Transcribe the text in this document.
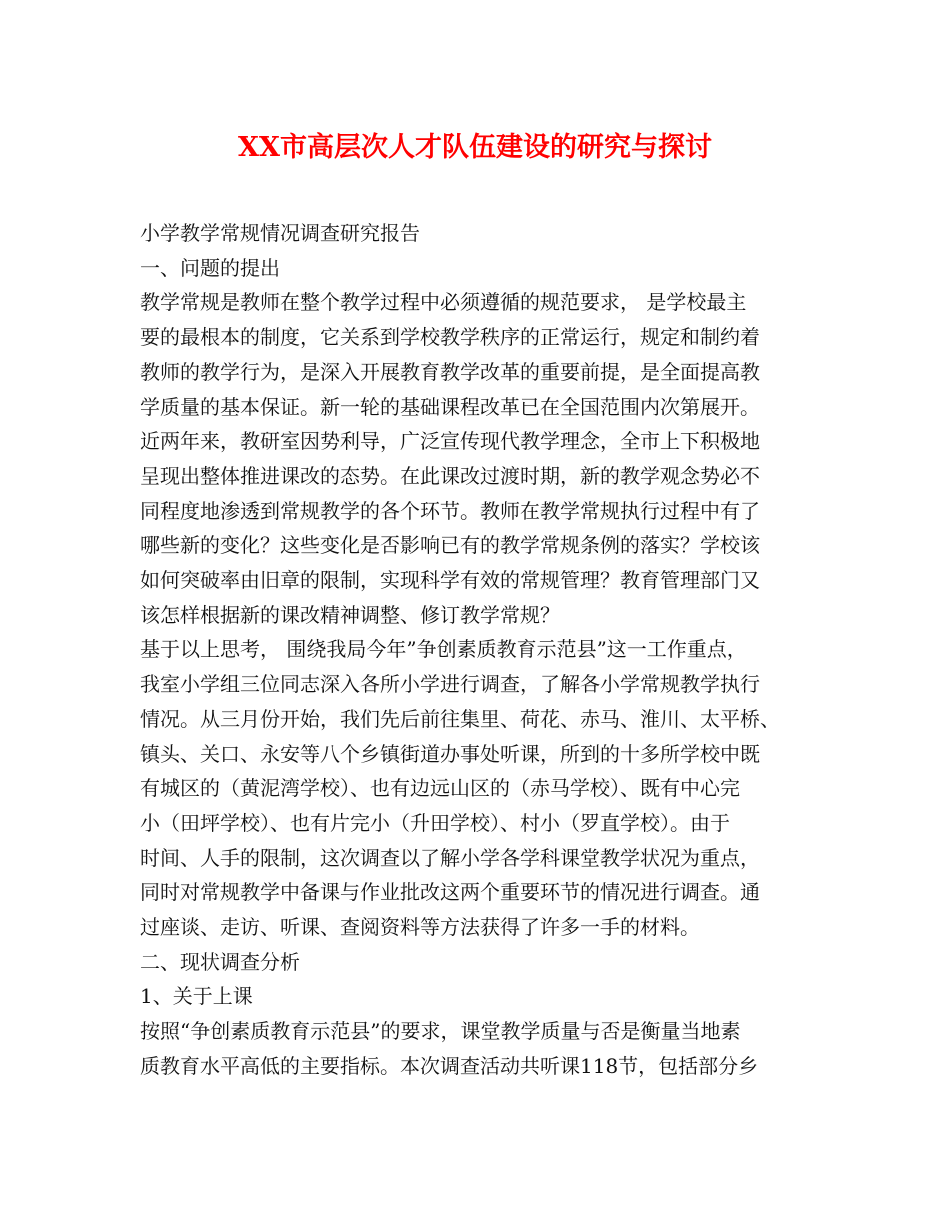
XX市高层次人才队伍建设的研究与探讨
小学教学常规情况调查研究报告
一、问题的提出
教学常规是教师在整个教学过程中必须遵循的规范要求， 是学校最主
要的最根本的制度，它关系到学校教学秩序的正常运行，规定和制约着
教师的教学行为，是深入开展教育教学改革的重要前提，是全面提高教
学质量的基本保证。新一轮的基础课程改革已在全国范围内次第展开。
近两年来，教研室因势利导，广泛宣传现代教学理念，全市上下积极地
呈现出整体推进课改的态势。在此课改过渡时期，新的教学观念势必不
同程度地渗透到常规教学的各个环节。教师在教学常规执行过程中有了
哪些新的变化？这些变化是否影响已有的教学常规条例的落实？学校该
如何突破率由旧章的限制，实现科学有效的常规管理？教育管理部门又
该怎样根据新的课改精神调整、修订教学常规？
基于以上思考， 围绕我局今年”争创素质教育示范县”这一工作重点，
我室小学组三位同志深入各所小学进行调查，了解各小学常规教学执行
情况。从三月份开始，我们先后前往集里、荷花、赤马、淮川、太平桥、
镇头、关口、永安等八个乡镇街道办事处听课，所到的十多所学校中既
有城区的（黄泥湾学校）、也有边远山区的（赤马学校）、既有中心完
小（田坪学校）、也有片完小（升田学校）、村小（罗直学校）。由于
时间、人手的限制，这次调查以了解小学各学科课堂教学状况为重点，
同时对常规教学中备课与作业批改这两个重要环节的情况进行调查。通
过座谈、走访、听课、查阅资料等方法获得了许多一手的材料。
二、现状调查分析
1、关于上课
按照“争创素质教育示范县”的要求，课堂教学质量与否是衡量当地素
质教育水平高低的主要指标。本次调查活动共听课118节，包括部分乡
